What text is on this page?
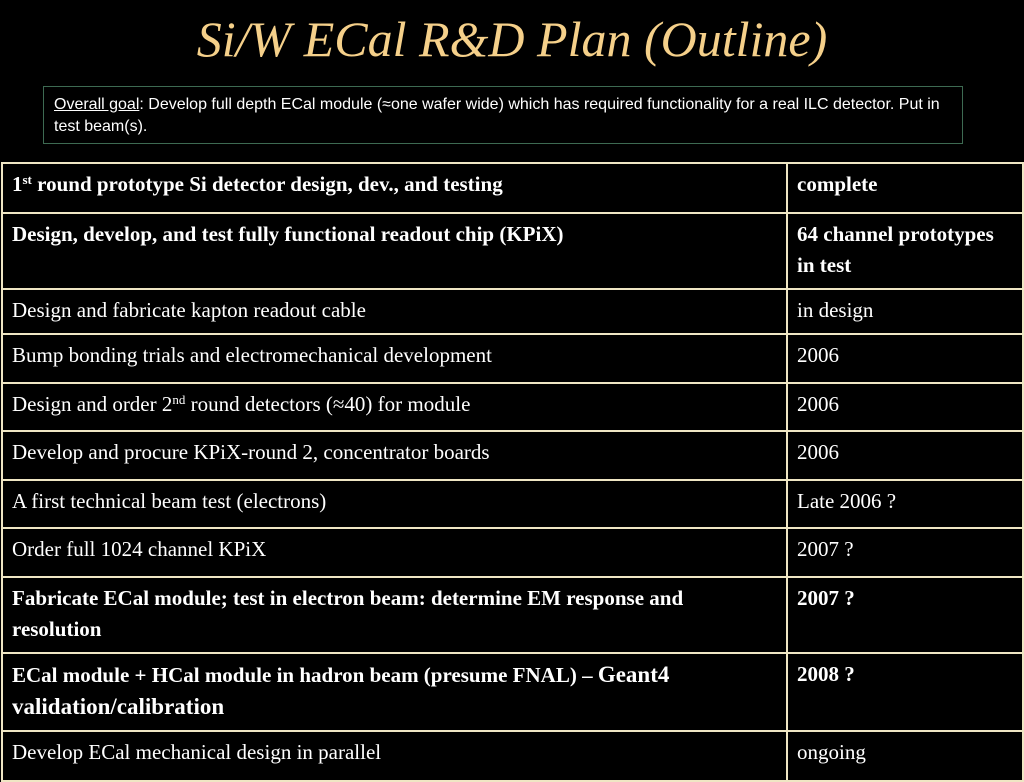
Si/W ECal R&D Plan (Outline)
Overall goal: Develop full depth ECal module (≈one wafer wide) which has required functionality for a real ILC detector. Put in test beam(s).
1st round prototype Si detector design, dev., and testing	complete
Design, develop, and test fully functional readout chip (KPiX)	64 channel prototypes in test
Design and fabricate kapton readout cable	in design
Bump bonding trials and electromechanical development	2006
Design and order 2nd round detectors (≈40) for module	2006
Develop and procure KPiX-round 2, concentrator boards	2006
A first technical beam test (electrons)	Late 2006 ?
Order full 1024 channel KPiX	2007 ?
Fabricate ECal module; test in electron beam: determine EM response and resolution	2007 ?
ECal module + HCal module in hadron beam (presume FNAL) – Geant4 validation/calibration	2008 ?
Develop ECal mechanical design in parallel	ongoing
